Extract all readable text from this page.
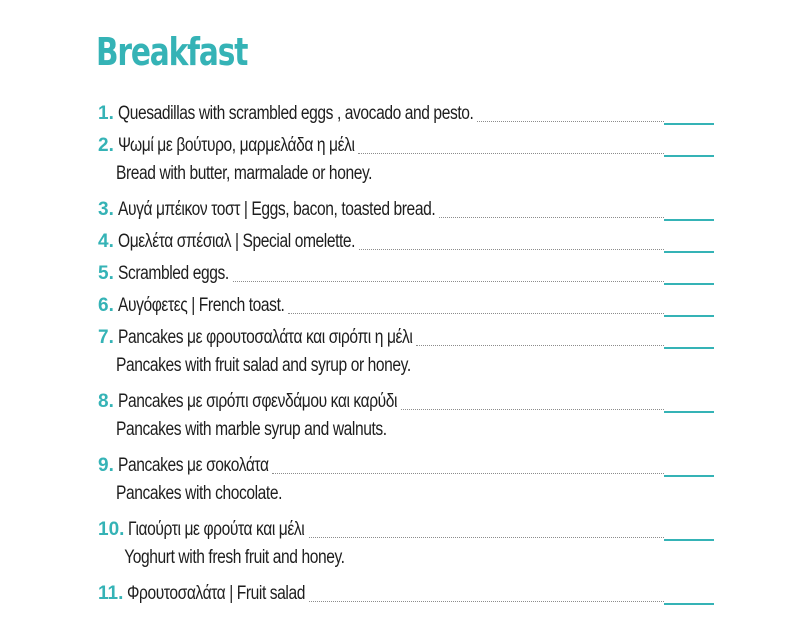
Breakfast
1. Quesadillas with scrambled eggs , avocado and pesto.
2. Ψωμί με βούτυρο, μαρμελάδα η μέλι
Bread with butter, marmalade or honey.
3. Αυγά μπέικον τοστ | Eggs, bacon, toasted bread.
4. Ομελέτα σπέσιαλ | Special omelette.
5. Scrambled eggs.
6. Αυγόφετες | French toast.
7. Pancakes με φρουτοσαλάτα και σιρόπι η μέλι
Pancakes with fruit salad and syrup or honey.
8. Pancakes με σιρόπι σφενδάμου και καρύδι
Pancakes with marble syrup and walnuts.
9. Pancakes με σοκολάτα
Pancakes with chocolate.
10. Γιαούρτι με φρούτα και μέλι
Yoghurt with fresh fruit and honey.
11. Φρουτοσαλάτα | Fruit salad
